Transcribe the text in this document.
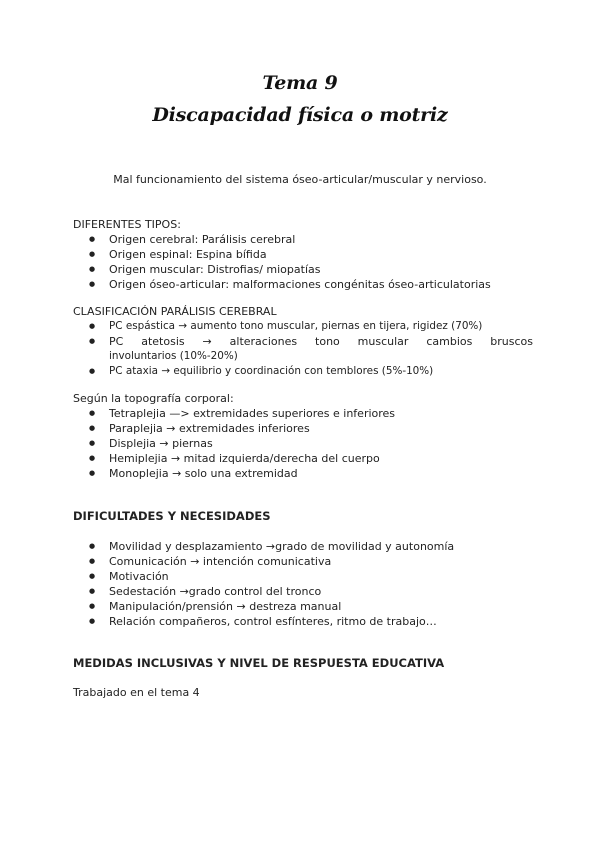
Tema 9
Discapacidad física o motriz
Mal funcionamiento del sistema óseo-articular/muscular y nervioso.

DIFERENTES TIPOS:

● Origen cerebral: Parálisis cerebral
● Origen espinal: Espina bífida
● Origen muscular: Distrofias/ miopatías
● Origen óseo-articular: malformaciones congénitas óseo-articulatorias

CLASIFICACIÓN PARÁLISIS CEREBRAL

● PC espástica → aumento tono muscular, piernas en tijera, rigidez (70%)
● PC atetosis → alteraciones tono muscular cambios bruscos
involuntarios (10%-20%)
● PC ataxia → equilibrio y coordinación con temblores (5%-10%)

Según la topografía corporal:

● Tetraplejia —> extremidades superiores e inferiores
● Paraplejia → extremidades inferiores
● Displejia → piernas
● Hemiplejia → mitad izquierda/derecha del cuerpo
● Monoplejia → solo una extremidad

DIFICULTADES Y NECESIDADES

● Movilidad y desplazamiento →grado de movilidad y autonomía
● Comunicación → intención comunicativa
● Motivación
● Sedestación →grado control del tronco
● Manipulación/prensión → destreza manual
● Relación compañeros, control esfínteres, ritmo de trabajo…

MEDIDAS INCLUSIVAS Y NIVEL DE RESPUESTA EDUCATIVA

Trabajado en el tema 4
